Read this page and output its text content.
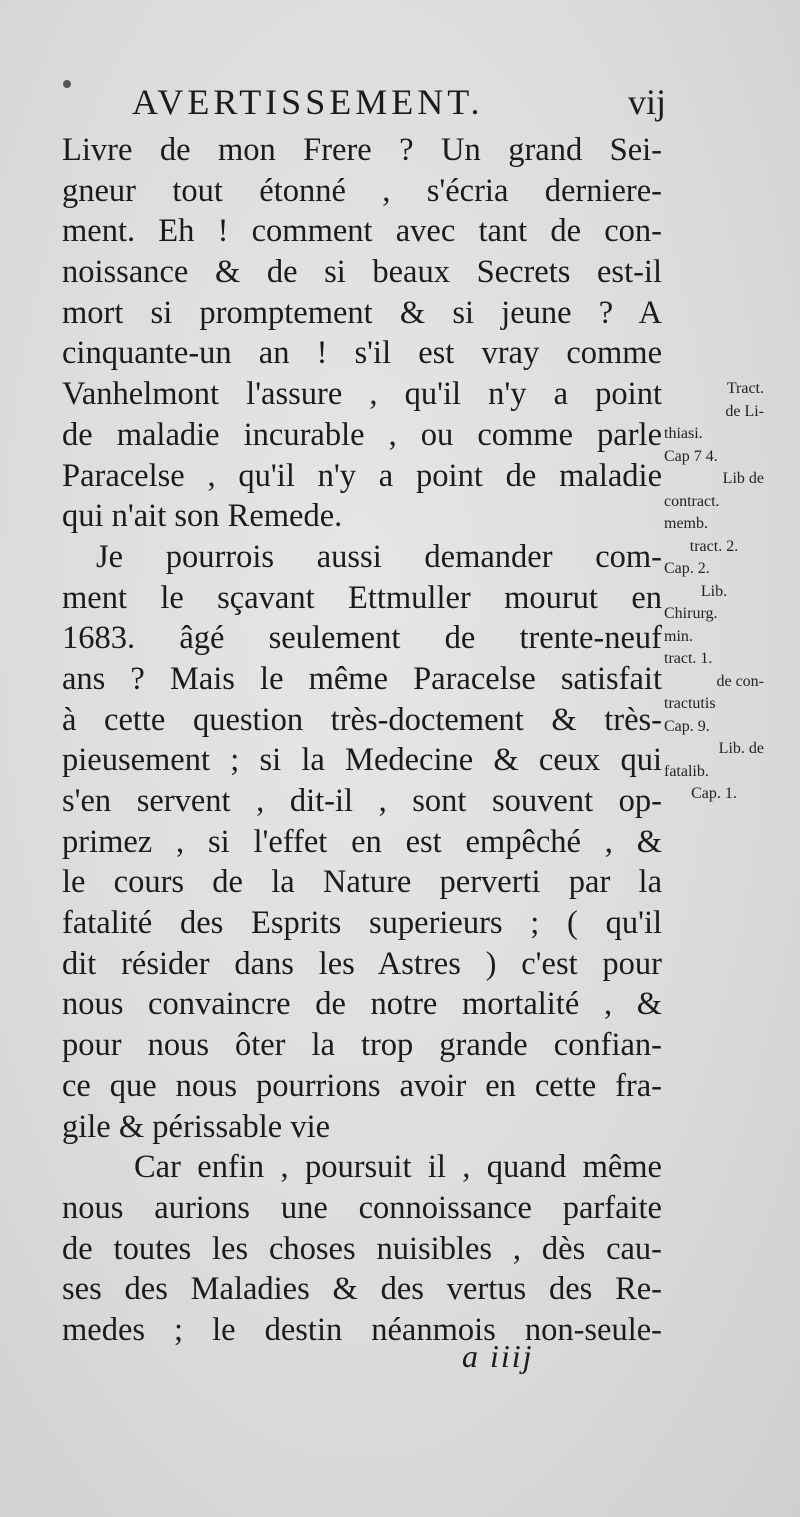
AVERTISSEMENT.	vij
Livre de mon Frere ? Un grand Sei-
gneur tout étonné , s'écria derniere-
ment. Eh ! comment avec tant de con-
noissance & de si beaux Secrets est-il
mort si promptement & si jeune ? A
cinquante-un an ! s'il est vray comme
Vanhelmont l'assure , qu'il n'y a point
de maladie incurable , ou comme parle
Paracelse , qu'il n'y a point de maladie
qui n'ait son Remede.
Je pourrois aussi demander com-
ment le sçavant Ettmuller mourut en
1683. âgé seulement de trente-neuf
ans ? Mais le même Paracelse satisfait
à cette question très-doctement & très-
pieusement ; si la Medecine & ceux qui
s'en servent , dit-il , sont souvent op-
primez , si l'effet en est empêché , &
le cours de la Nature perverti par la
fatalité des Esprits superieurs ; ( qu'il
dit résider dans les Astres ) c'est pour
nous convaincre de notre mortalité , &
pour nous ôter la trop grande confian-
ce que nous pourrions avoir en cette fra-
gile & périssable vie
Car enfin , poursuit il , quand même
nous aurions une connoissance parfaite
de toutes les choses nuisibles , dès cau-
ses des Maladies & des vertus des Re-
medes ; le destin néanmois non-seule-
Tract.
de Li-
thiasi.
Cap 7 4.
Lib de
contract.
memb.
tract. 2.
Cap. 2.
Lib.
Chirurg.
min.
tract. 1.
de con-
tractutis
Cap. 9.
Lib. de
fatalib.
Cap. 1.
a iiij
